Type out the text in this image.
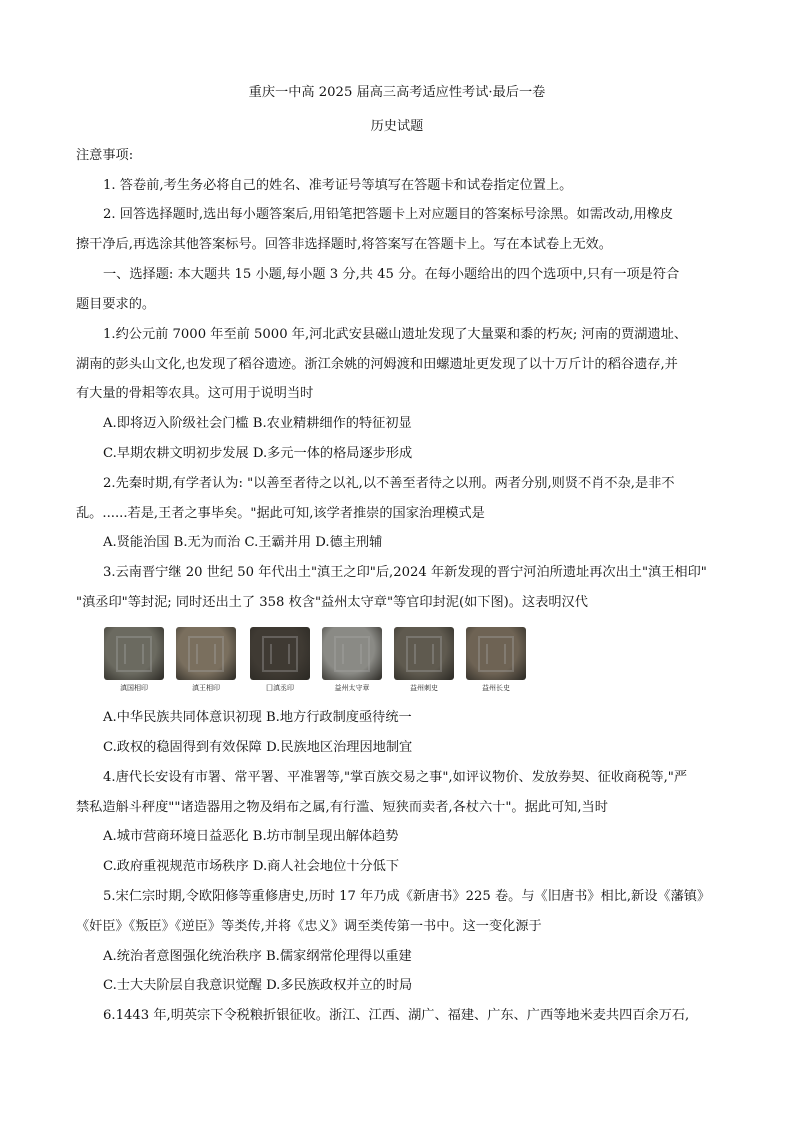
重庆一中高 2025 届高三高考适应性考试·最后一卷
历史试题
注意事项:
1. 答卷前,考生务必将自己的姓名、准考证号等填写在答题卡和试卷指定位置上。
2. 回答选择题时,选出每小题答案后,用铅笔把答题卡上对应题目的答案标号涂黑。如需改动,用橡皮
擦干净后,再选涂其他答案标号。回答非选择题时,将答案写在答题卡上。写在本试卷上无效。
一、选择题: 本大题共 15 小题,每小题 3 分,共 45 分。在每小题给出的四个选项中,只有一项是符合
题目要求的。
1.约公元前 7000 年至前 5000 年,河北武安县磁山遗址发现了大量粟和黍的朽灰; 河南的贾湖遗址、
湖南的彭头山文化,也发现了稻谷遗迹。浙江余姚的河姆渡和田螺遗址更发现了以十万斤计的稻谷遗存,并
有大量的骨耜等农具。这可用于说明当时
A.即将迈入阶级社会门槛 B.农业精耕细作的特征初显
C.早期农耕文明初步发展 D.多元一体的格局逐步形成
2.先秦时期,有学者认为: "以善至者待之以礼,以不善至者待之以刑。两者分别,则贤不肖不杂,是非不
乱。......若是,王者之事毕矣。"据此可知,该学者推崇的国家治理模式是
A.贤能治国 B.无为而治 C.王霸并用 D.德主刑辅
3.云南晋宁继 20 世纪 50 年代出土"滇王之印"后,2024 年新发现的晋宁河泊所遗址再次出土"滇王相印"
"滇丞印"等封泥; 同时还出土了 358 枚含"益州太守章"等官印封泥(如下图)。这表明汉代
滇国相印	滇王相印	囗滇丞印	益州太守章	益州刺史	益州长史
A.中华民族共同体意识初现 B.地方行政制度亟待统一
C.政权的稳固得到有效保障 D.民族地区治理因地制宜
4.唐代长安设有市署、常平署、平准署等,"掌百族交易之事",如评议物价、发放券契、征收商税等,"严
禁私造斛斗秤度""诸造器用之物及绢布之属,有行滥、短狭而卖者,各杖六十"。据此可知,当时
A.城市营商环境日益恶化 B.坊市制呈现出解体趋势
C.政府重视规范市场秩序 D.商人社会地位十分低下
5.宋仁宗时期,令欧阳修等重修唐史,历时 17 年乃成《新唐书》225 卷。与《旧唐书》相比,新设《藩镇》
《奸臣》《叛臣》《逆臣》等类传,并将《忠义》调至类传第一书中。这一变化源于
A.统治者意图强化统治秩序 B.儒家纲常伦理得以重建
C.士大夫阶层自我意识觉醒 D.多民族政权并立的时局
6.1443 年,明英宗下令税粮折银征收。浙江、江西、湖广、福建、广东、广西等地米麦共四百余万石,
